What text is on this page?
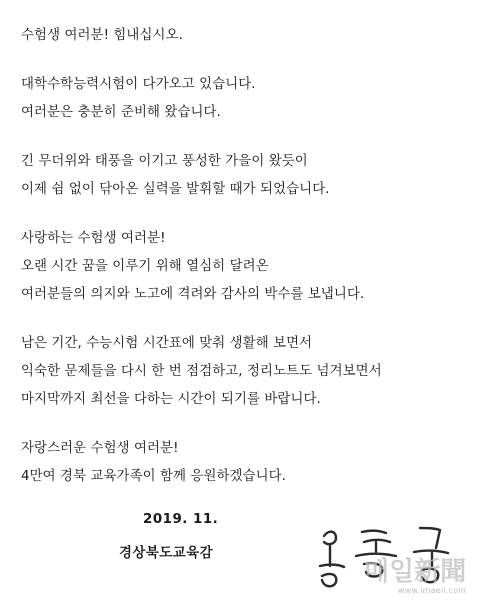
수험생 여러분! 힘내십시오.

대학수학능력시험이 다가오고 있습니다.
여러분은 충분히 준비해 왔습니다.

긴 무더위와 태풍을 이기고 풍성한 가을이 왔듯이
이제 쉼 없이 닦아온 실력을 발휘할 때가 되었습니다.

사랑하는 수험생 여러분!
오랜 시간 꿈을 이루기 위해 열심히 달려온
여러분들의 의지와 노고에 격려와 감사의 박수를 보냅니다.

남은 기간, 수능시험 시간표에 맞춰 생활해 보면서
익숙한 문제들을 다시 한 번 점검하고, 정리노트도 넘겨보면서
마지막까지 최선을 다하는 시간이 되기를 바랍니다.

자랑스러운 수험생 여러분!
4만여 경북 교육가족이 함께 응원하겠습니다.

2019. 11.
경상북도교육감
매일新聞
www.imaeil.com
